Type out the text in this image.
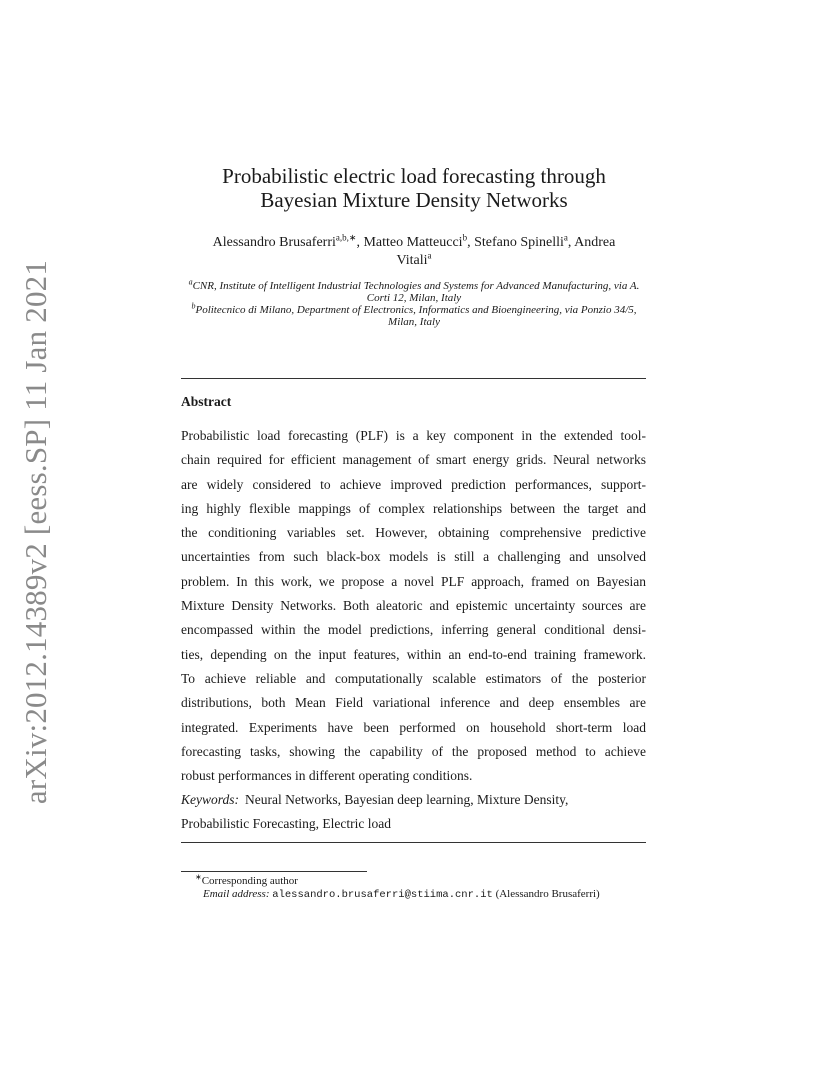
arXiv:2012.14389v2 [eess.SP] 11 Jan 2021
Probabilistic electric load forecasting through
Bayesian Mixture Density Networks
Alessandro Brusaferri$^{a,b,∗}$, Matteo Matteucci$^b$, Stefano Spinelli$^a$, Andrea Vitali$^a$
$^a$CNR, Institute of Intelligent Industrial Technologies and Systems for Advanced Manufacturing, via A. Corti 12, Milan, Italy
$^b$Politecnico di Milano, Department of Electronics, Informatics and Bioengineering, via Ponzio 34/5, Milan, Italy
Abstract
Probabilistic load forecasting (PLF) is a key component in the extended tool-
chain required for efficient management of smart energy grids. Neural networks
are widely considered to achieve improved prediction performances, support-
ing highly flexible mappings of complex relationships between the target and
the conditioning variables set. However, obtaining comprehensive predictive
uncertainties from such black-box models is still a challenging and unsolved
problem. In this work, we propose a novel PLF approach, framed on Bayesian
Mixture Density Networks. Both aleatoric and epistemic uncertainty sources are
encompassed within the model predictions, inferring general conditional densi-
ties, depending on the input features, within an end-to-end training framework.
To achieve reliable and computationally scalable estimators of the posterior
distributions, both Mean Field variational inference and deep ensembles are
integrated. Experiments have been performed on household short-term load
forecasting tasks, showing the capability of the proposed method to achieve
robust performances in different operating conditions.
Keywords: Neural Networks, Bayesian deep learning, Mixture Density,
Probabilistic Forecasting, Electric load
∗Corresponding author
Email address: alessandro.brusaferri@stiima.cnr.it (Alessandro Brusaferri)
